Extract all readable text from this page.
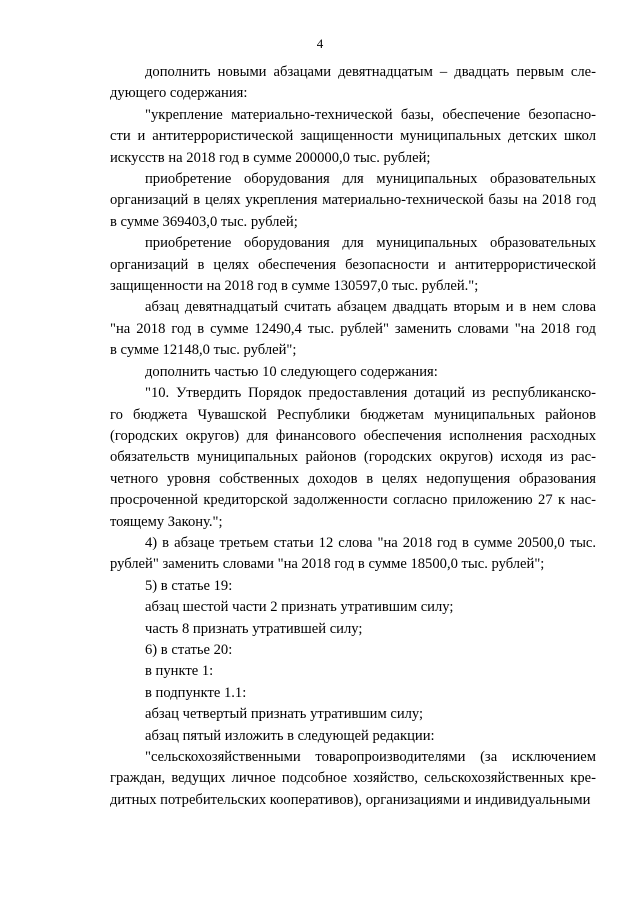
4

дополнить новыми абзацами девятнадцатым – двадцать первым сле-
дующего содержания:

"укрепление материально-технической базы, обеспечение безопасно-
сти и антитеррористической защищенности муниципальных детских школ
искусств на 2018 год в сумме 200000,0 тыс. рублей;

приобретение оборудования для муниципальных образовательных
организаций в целях укрепления материально-технической базы на 2018 год
в сумме 369403,0 тыс. рублей;

приобретение оборудования для муниципальных образовательных
организаций в целях обеспечения безопасности и антитеррористической
защищенности на 2018 год в сумме 130597,0 тыс. рублей.";

абзац девятнадцатый считать абзацем двадцать вторым и в нем слова
"на 2018 год в сумме 12490,4 тыс. рублей" заменить словами "на 2018 год
в сумме 12148,0 тыс. рублей";

дополнить частью 10 следующего содержания:

"10. Утвердить Порядок предоставления дотаций из республиканско-
го бюджета Чувашской Республики бюджетам муниципальных районов
(городских округов) для финансового обеспечения исполнения расходных
обязательств муниципальных районов (городских округов) исходя из рас-
четного уровня собственных доходов в целях недопущения образования
просроченной кредиторской задолженности согласно приложению 27 к нас-
тоящему Закону.";

4) в абзаце третьем статьи 12 слова "на 2018 год в сумме 20500,0 тыс.
рублей" заменить словами "на 2018 год в сумме 18500,0 тыс. рублей";

5) в статье 19:

абзац шестой части 2 признать утратившим силу;

часть 8 признать утратившей силу;

6) в статье 20:

в пункте 1:

в подпункте 1.1:

абзац четвертый признать утратившим силу;

абзац пятый изложить в следующей редакции:

"сельскохозяйственными товаропроизводителями (за исключением
граждан, ведущих личное подсобное хозяйство, сельскохозяйственных кре-
дитных потребительских кооперативов), организациями и индивидуальными
